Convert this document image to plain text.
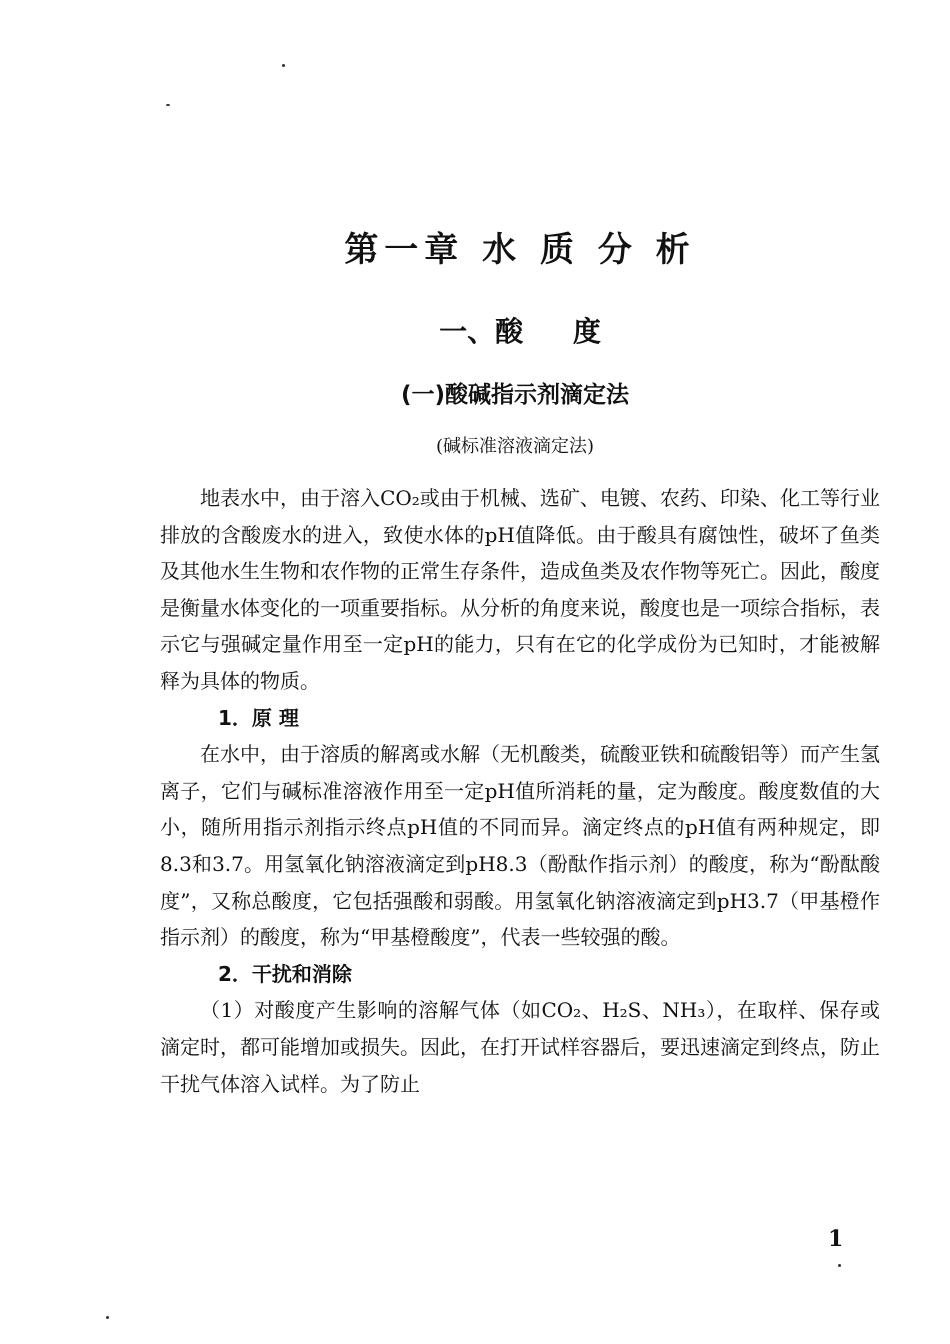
第一章 水 质 分 析
一、酸 度
(一)酸碱指示剂滴定法
(碱标准溶液滴定法)

地表水中，由于溶入CO₂或由于机械、选矿、电镀、农药、印染、化工等行业排放的含酸废水的进入，致使水体的pH值降低。由于酸具有腐蚀性，破坏了鱼类及其他水生生物和农作物的正常生存条件，造成鱼类及农作物等死亡。因此，酸度是衡量水体变化的一项重要指标。从分析的角度来说，酸度也是一项综合指标，表示它与强碱定量作用至一定pH的能力，只有在它的化学成份为已知时，才能被解释为具体的物质。

1．原 理

在水中，由于溶质的解离或水解（无机酸类，硫酸亚铁和硫酸铝等）而产生氢离子，它们与碱标准溶液作用至一定pH值所消耗的量，定为酸度。酸度数值的大小，随所用指示剂指示终点pH值的不同而异。滴定终点的pH值有两种规定，即8.3和3.7。用氢氧化钠溶液滴定到pH8.3（酚酞作指示剂）的酸度，称为“酚酞酸度”，又称总酸度，它包括强酸和弱酸。用氢氧化钠溶液滴定到pH3.7（甲基橙作指示剂）的酸度，称为“甲基橙酸度”，代表一些较强的酸。

2．干扰和消除

（1）对酸度产生影响的溶解气体（如CO₂、H₂S、NH₃），在取样、保存或滴定时，都可能增加或损失。因此，在打开试样容器后，要迅速滴定到终点，防止干扰气体溶入试样。为了防止

1
